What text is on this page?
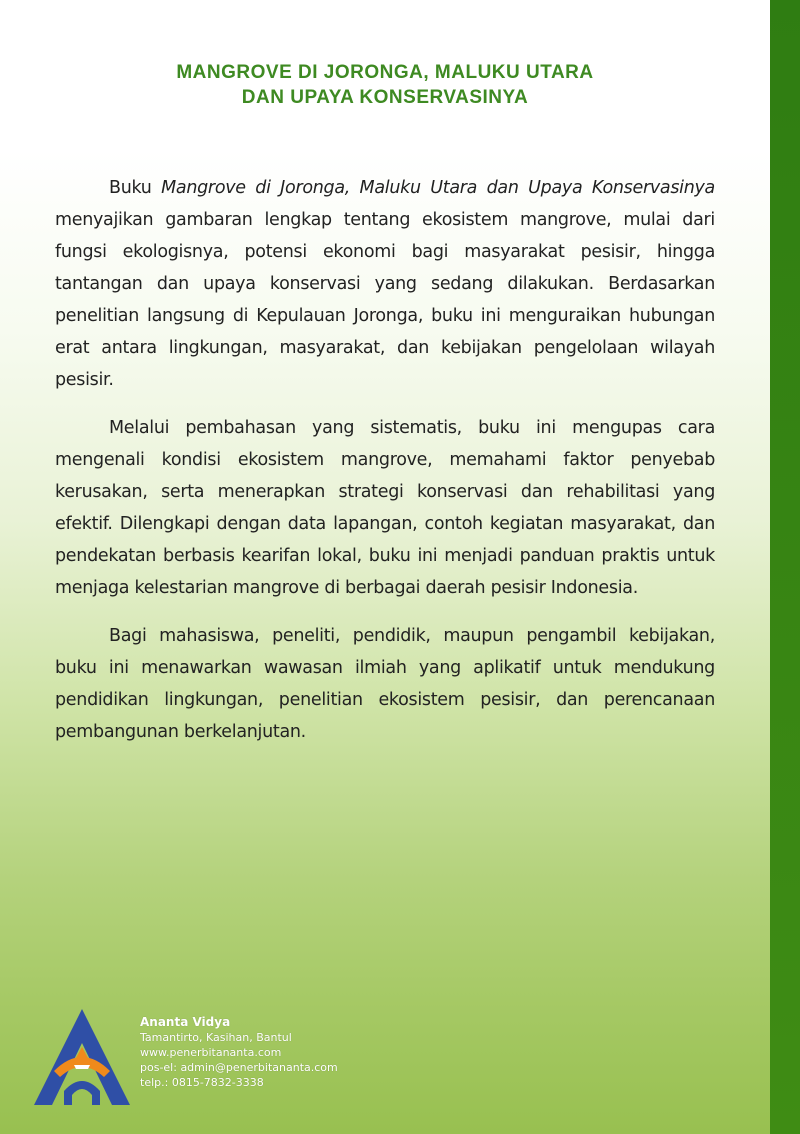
MANGROVE DI JORONGA, MALUKU UTARA
DAN UPAYA KONSERVASINYA

Buku Mangrove di Joronga, Maluku Utara dan Upaya Konservasinya menyajikan gambaran lengkap tentang ekosistem mangrove, mulai dari fungsi ekologisnya, potensi ekonomi bagi masyarakat pesisir, hingga tantangan dan upaya konservasi yang sedang dilakukan. Berdasarkan penelitian langsung di Kepulauan Joronga, buku ini menguraikan hubungan erat antara lingkungan, masyarakat, dan kebijakan pengelolaan wilayah pesisir.

Melalui pembahasan yang sistematis, buku ini mengupas cara mengenali kondisi ekosistem mangrove, memahami faktor penyebab kerusakan, serta menerapkan strategi konservasi dan rehabilitasi yang efektif. Dilengkapi dengan data lapangan, contoh kegiatan masyarakat, dan pendekatan berbasis kearifan lokal, buku ini menjadi panduan praktis untuk menjaga kelestarian mangrove di berbagai daerah pesisir Indonesia.

Bagi mahasiswa, peneliti, pendidik, maupun pengambil kebijakan, buku ini menawarkan wawasan ilmiah yang aplikatif untuk mendukung pendidikan lingkungan, penelitian ekosistem pesisir, dan perencanaan pembangunan berkelanjutan.

Ananta Vidya
Tamantirto, Kasihan, Bantul
www.penerbitananta.com
pos-el: admin@penerbitananta.com
telp.: 0815-7832-3338
